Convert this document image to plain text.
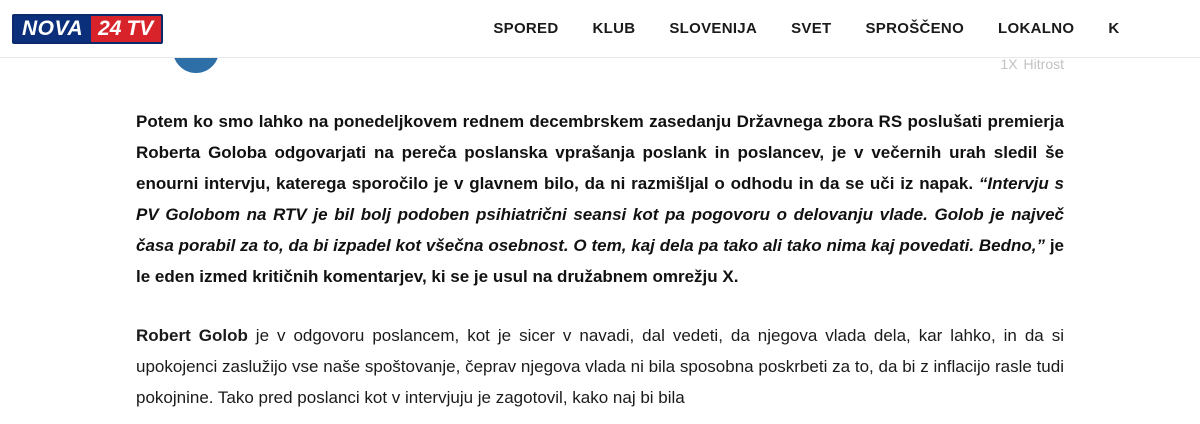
NOVA 24 TV	SPORED KLUB SLOVENIJA SVET SPROŠČENO LOKALNO K
1X Hitrost

Potem ko smo lahko na ponedeljkovem rednem decembrskem zasedanju Državnega zbora RS poslušati premierja Roberta Goloba odgovarjati na pereča poslanska vprašanja poslank in poslancev, je v večernih urah sledil še enourni intervju, katerega sporočilo je v glavnem bilo, da ni razmišljal o odhodu in da se uči iz napak. “Intervju s PV Golobom na RTV je bil bolj podoben psihiatrični seansi kot pa pogovoru o delovanju vlade. Golob je največ časa porabil za to, da bi izpadel kot všečna osebnost. O tem, kaj dela pa tako ali tako nima kaj povedati. Bedno,” je le eden izmed kritičnih komentarjev, ki se je usul na družabnem omrežju X.

Robert Golob je v odgovoru poslancem, kot je sicer v navadi, dal vedeti, da njegova vlada dela, kar lahko, in da si upokojenci zaslužijo vse naše spoštovanje, čeprav njegova vlada ni bila sposobna poskrbeti za to, da bi z inflacijo rasle tudi pokojnine. Tako pred poslanci kot v intervjuju je zagotovil, kako naj bi bila
